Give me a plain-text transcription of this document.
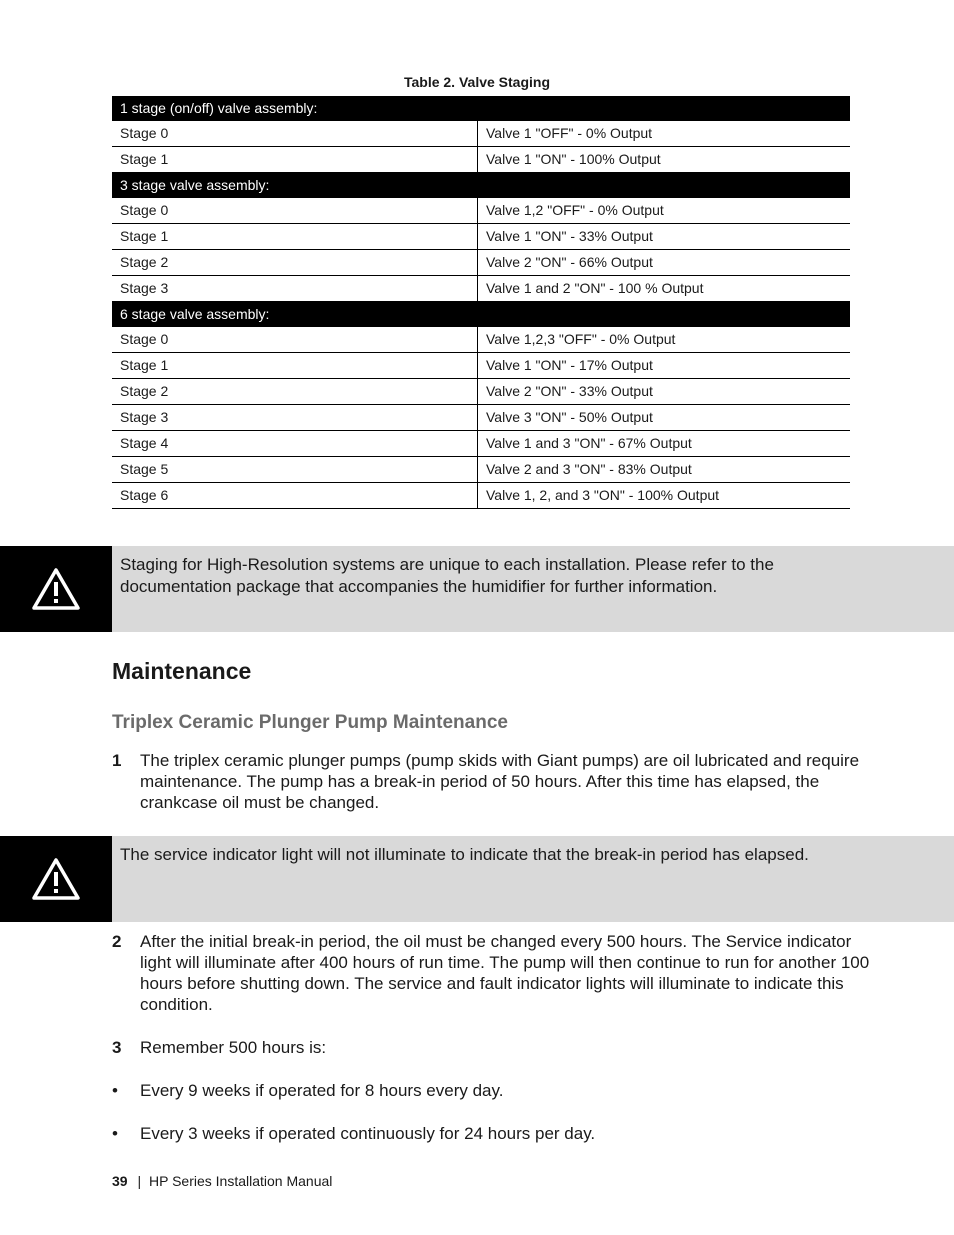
Table 2. Valve Staging
1 stage (on/off) valve assembly:	
Stage 0	Valve 1 "OFF" - 0% Output
Stage 1	Valve 1 "ON" - 100% Output
3 stage valve assembly:	
Stage 0	Valve 1,2 "OFF" - 0% Output
Stage 1	Valve 1 "ON" - 33% Output
Stage 2	Valve 2 "ON" - 66% Output
Stage 3	Valve 1 and 2 "ON" - 100 % Output
6 stage valve assembly:	
Stage 0	Valve 1,2,3 "OFF" - 0% Output
Stage 1	Valve 1 "ON" - 17% Output
Stage 2	Valve 2 "ON" - 33% Output
Stage 3	Valve 3 "ON" - 50% Output
Stage 4	Valve 1 and 3 "ON" - 67% Output
Stage 5	Valve 2 and 3 "ON" - 83% Output
Stage 6	Valve 1, 2, and 3 "ON" - 100% Output
Staging for High-Resolution systems are unique to each installation. Please refer to the documentation package that accompanies the humidifier for further information.
Maintenance
Triplex Ceramic Plunger Pump Maintenance
1 The triplex ceramic plunger pumps (pump skids with Giant pumps) are oil lubricated and require maintenance. The pump has a break-in period of 50 hours. After this time has elapsed, the crankcase oil must be changed.
The service indicator light will not illuminate to indicate that the break-in period has elapsed.
2 After the initial break-in period, the oil must be changed every 500 hours. The Service indicator light will illuminate after 400 hours of run time. The pump will then continue to run for another 100 hours before shutting down. The service and fault indicator lights will illuminate to indicate this condition.
3 Remember 500 hours is:
• Every 9 weeks if operated for 8 hours every day.
• Every 3 weeks if operated continuously for 24 hours per day.
39 | HP Series Installation Manual
